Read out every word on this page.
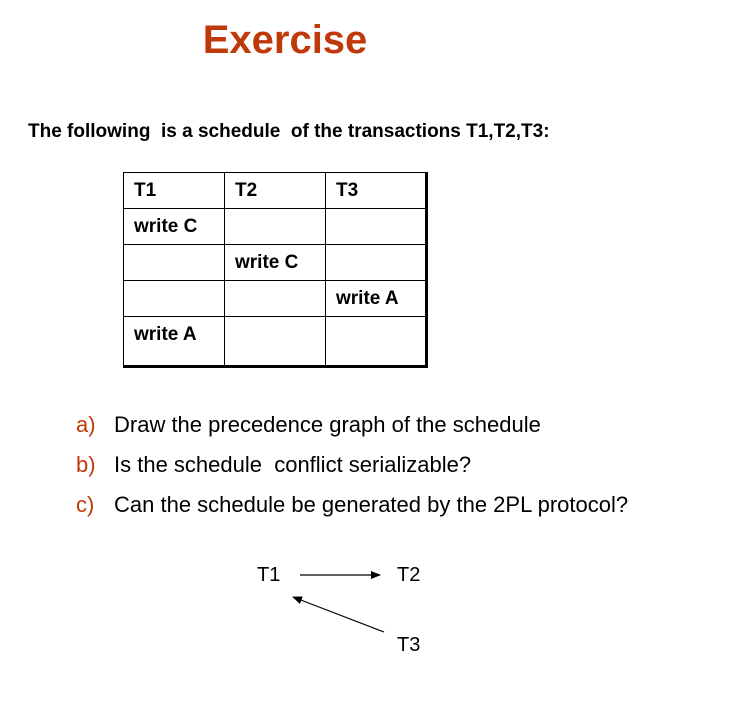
Exercise
The following  is a schedule  of the transactions T1,T2,T3:
T1	T2	T3
write C		
	write C	
		write A
write A		
a) Draw the precedence graph of the schedule
b) Is the schedule  conflict serializable?
c) Can the schedule be generated by the 2PL protocol?
T1	T2
T3
